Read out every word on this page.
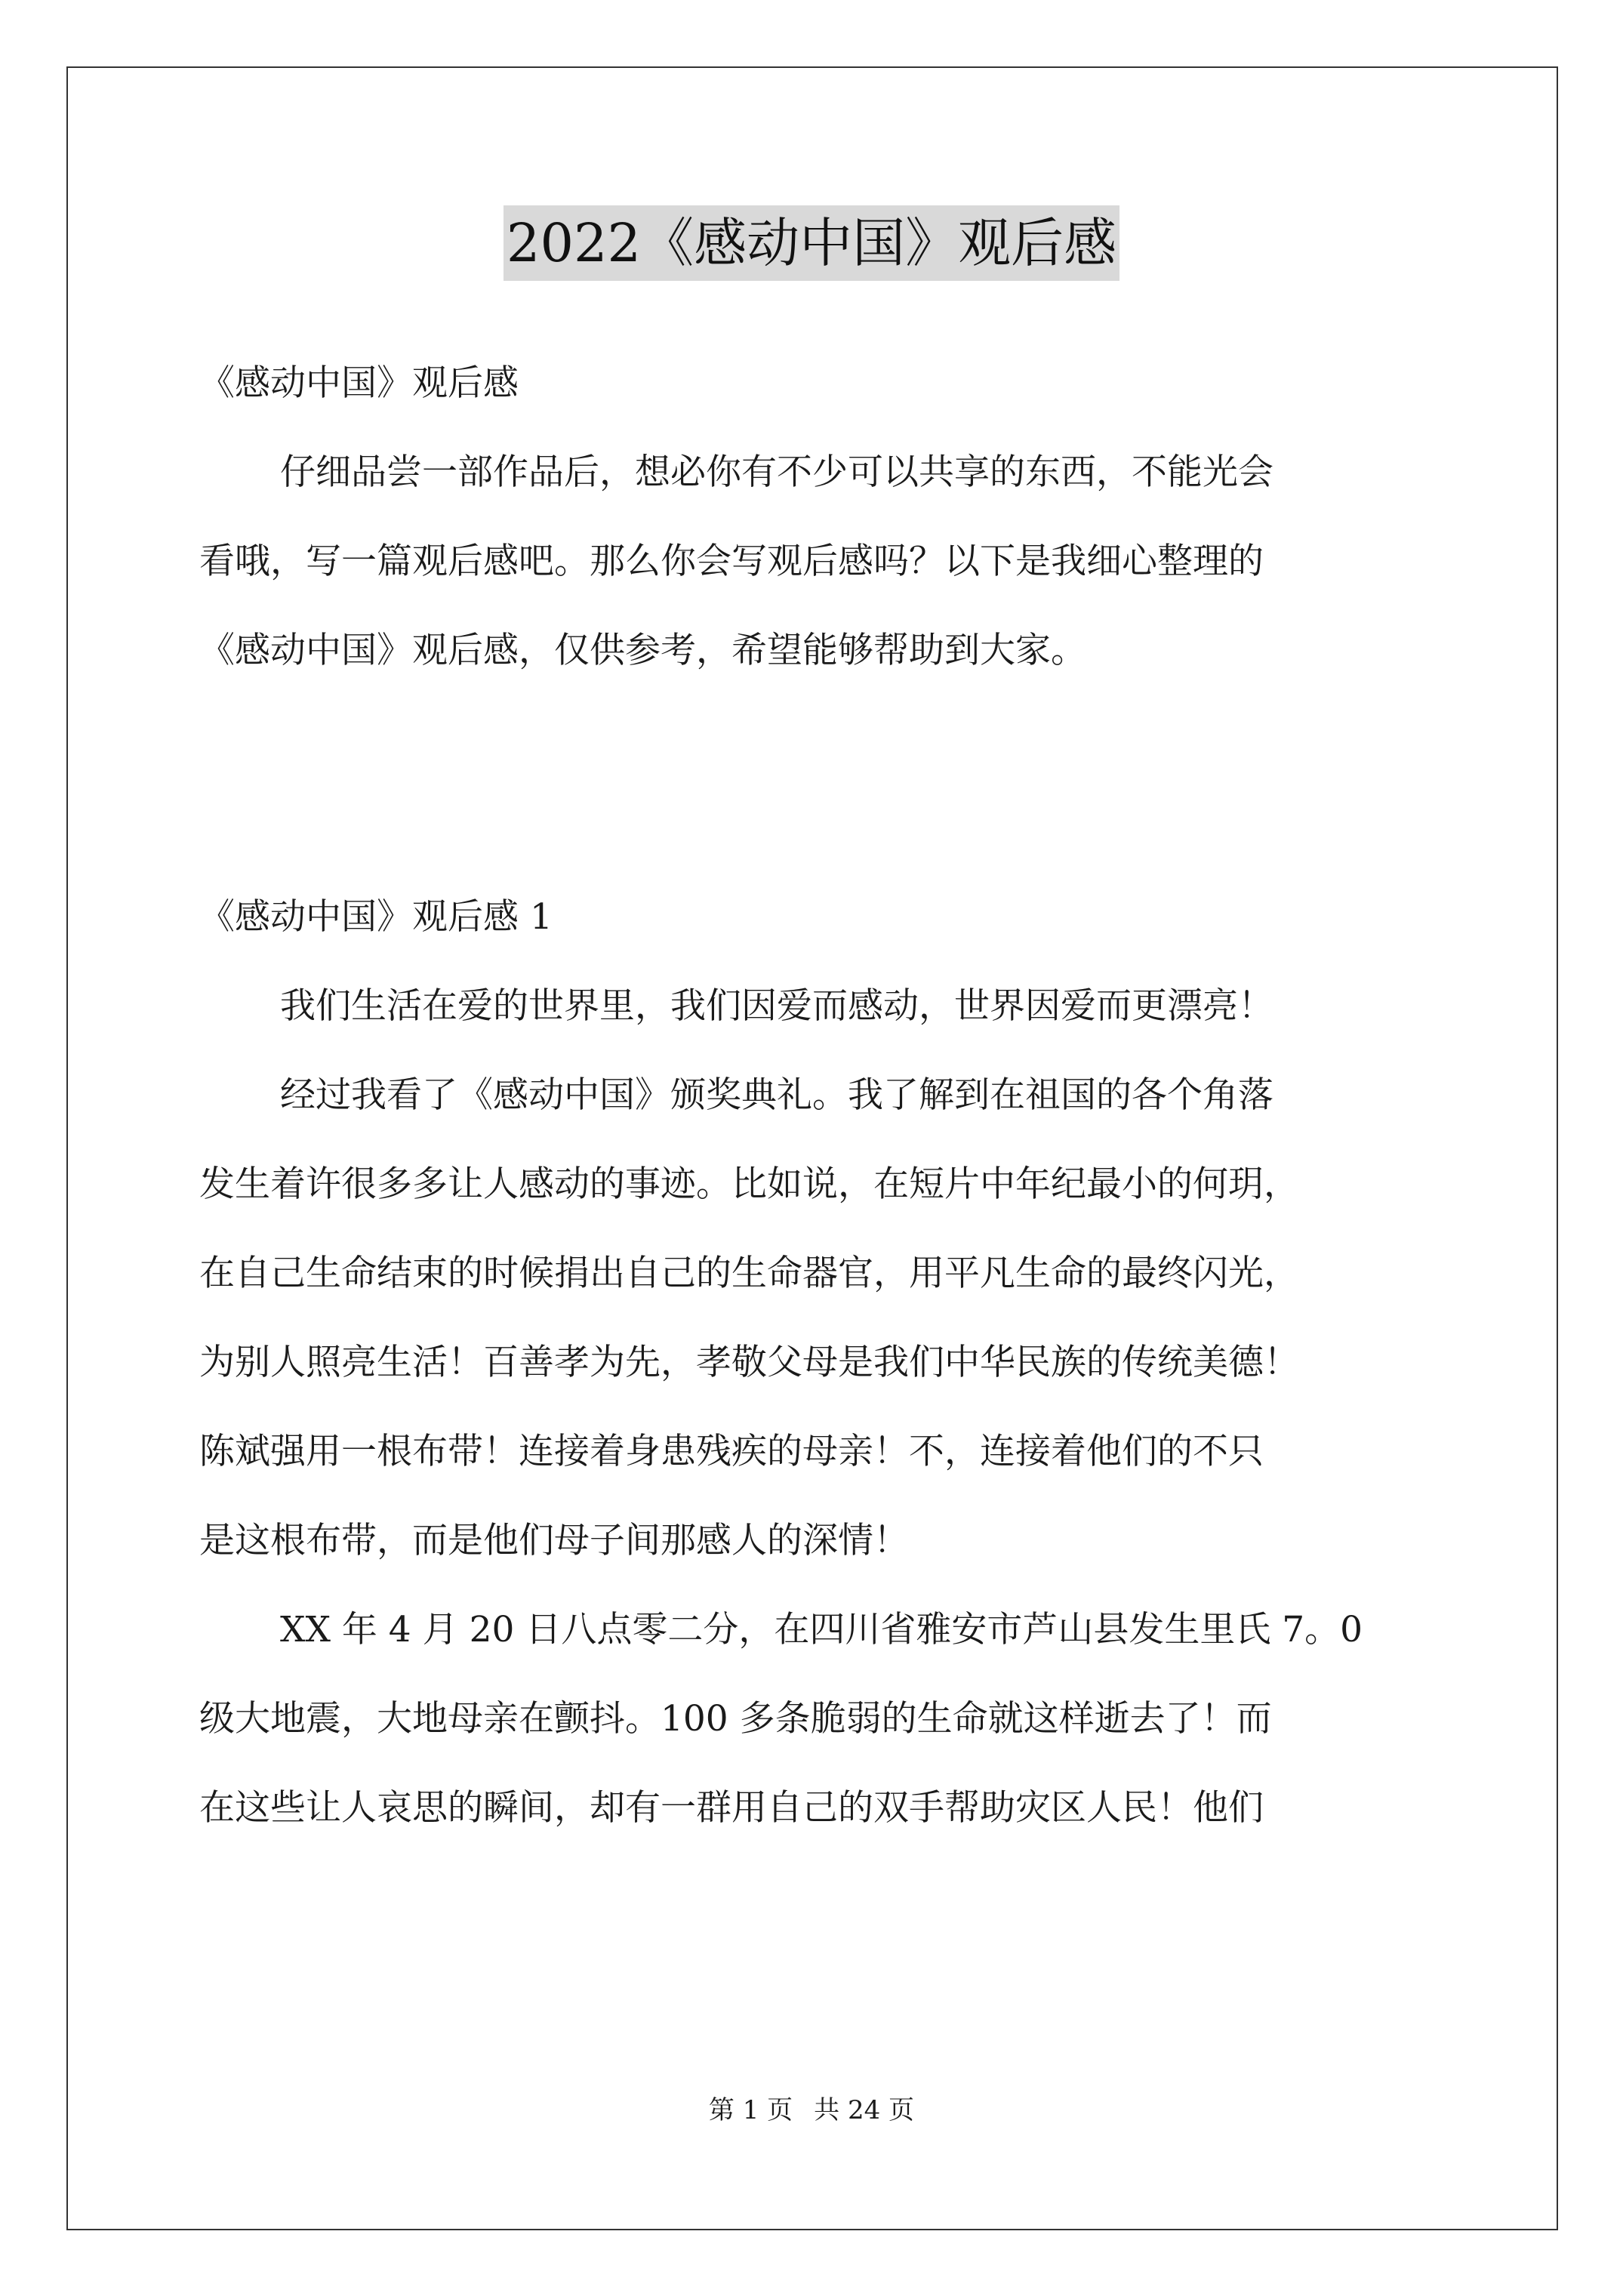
2022《感动中国》观后感
《感动中国》观后感
仔细品尝一部作品后，想必你有不少可以共享的东西，不能光会
看哦，写一篇观后感吧。那么你会写观后感吗？以下是我细心整理的
《感动中国》观后感，仅供参考，希望能够帮助到大家。
《感动中国》观后感 1
我们生活在爱的世界里，我们因爱而感动，世界因爱而更漂亮！
经过我看了《感动中国》颁奖典礼。我了解到在祖国的各个角落
发生着许很多多让人感动的事迹。比如说，在短片中年纪最小的何玥，
在自己生命结束的时候捐出自己的生命器官，用平凡生命的最终闪光，
为别人照亮生活！百善孝为先，孝敬父母是我们中华民族的传统美德！
陈斌强用一根布带！连接着身患残疾的母亲！不，连接着他们的不只
是这根布带，而是他们母子间那感人的深情！
XX 年 4 月 20 日八点零二分，在四川省雅安市芦山县发生里氏 7。0
级大地震，大地母亲在颤抖。100 多条脆弱的生命就这样逝去了！而
在这些让人哀思的瞬间，却有一群用自己的双手帮助灾区人民！他们
第 1 页 共 24 页
